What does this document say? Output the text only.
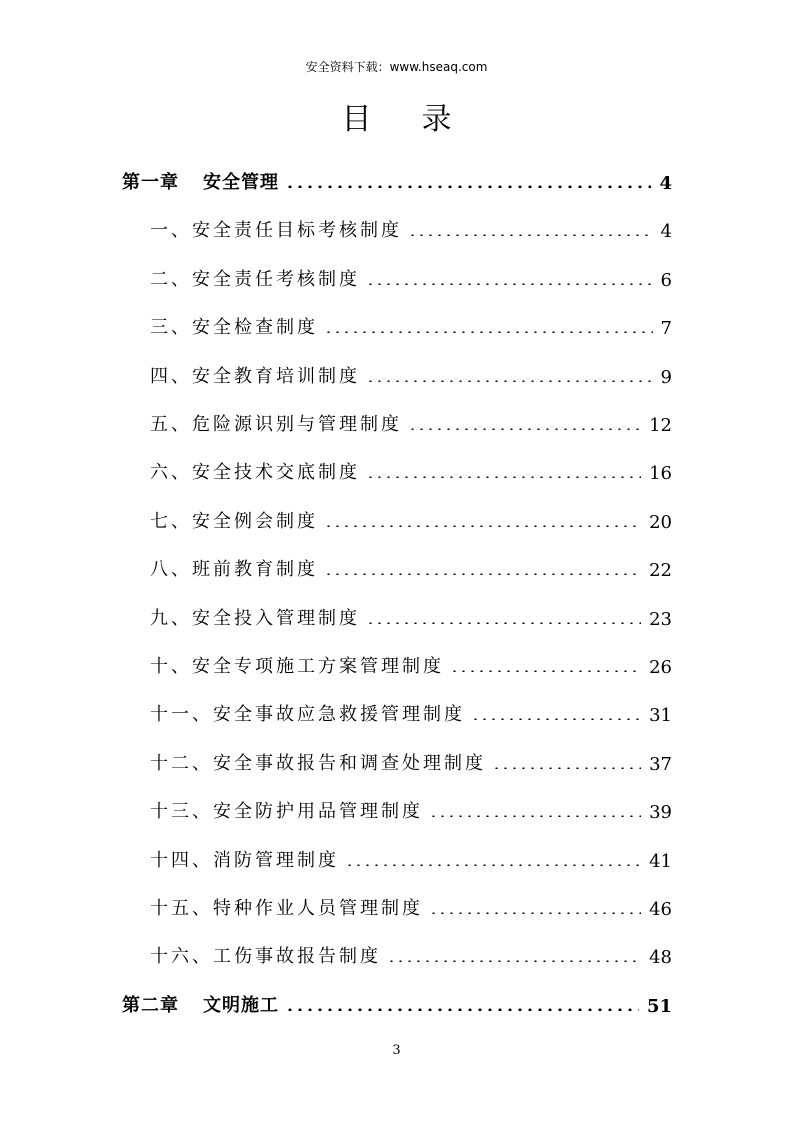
安全资料下载：www.hseaq.com
目录
第一章 安全管理	4
一、安全责任目标考核制度	4
二、安全责任考核制度	6
三、安全检查制度	7
四、安全教育培训制度	9
五、危险源识别与管理制度	12
六、安全技术交底制度	16
七、安全例会制度	20
八、班前教育制度	22
九、安全投入管理制度	23
十、安全专项施工方案管理制度	26
十一、安全事故应急救援管理制度	31
十二、安全事故报告和调查处理制度	37
十三、安全防护用品管理制度	39
十四、消防管理制度	41
十五、特种作业人员管理制度	46
十六、工伤事故报告制度	48
第二章 文明施工	51
3
